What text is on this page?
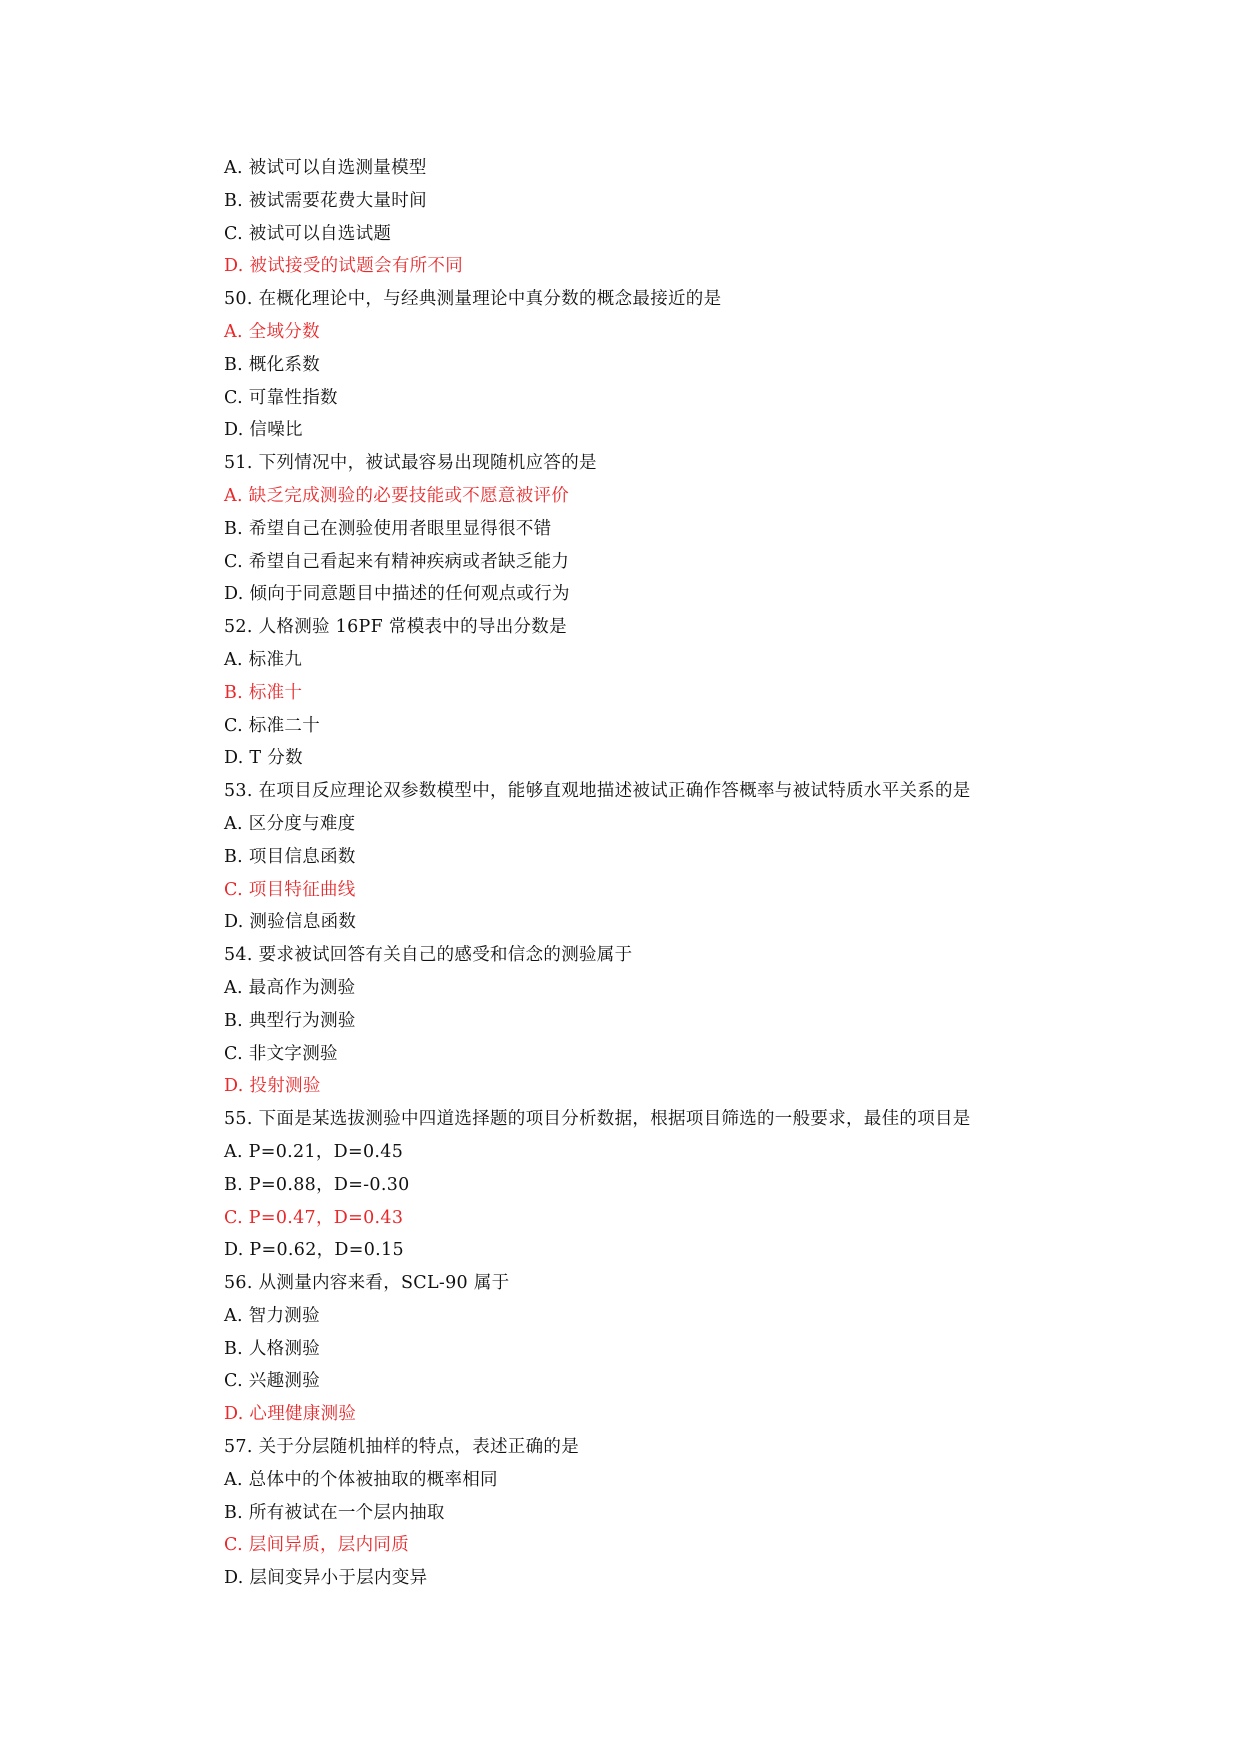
A. 被试可以自选测量模型
B. 被试需要花费大量时间
C. 被试可以自选试题
D. 被试接受的试题会有所不同
50. 在概化理论中，与经典测量理论中真分数的概念最接近的是
A. 全域分数
B. 概化系数
C. 可靠性指数
D. 信噪比
51. 下列情况中，被试最容易出现随机应答的是
A. 缺乏完成测验的必要技能或不愿意被评价
B. 希望自己在测验使用者眼里显得很不错
C. 希望自己看起来有精神疾病或者缺乏能力
D. 倾向于同意题目中描述的任何观点或行为
52. 人格测验 16PF 常模表中的导出分数是
A. 标准九
B. 标准十
C. 标准二十
D. T 分数
53. 在项目反应理论双参数模型中，能够直观地描述被试正确作答概率与被试特质水平关系的是
A. 区分度与难度
B. 项目信息函数
C. 项目特征曲线
D. 测验信息函数
54. 要求被试回答有关自己的感受和信念的测验属于
A. 最高作为测验
B. 典型行为测验
C. 非文字测验
D. 投射测验
55. 下面是某选拔测验中四道选择题的项目分析数据，根据项目筛选的一般要求，最佳的项目是
A. P=0.21，D=0.45
B. P=0.88，D=-0.30
C. P=0.47，D=0.43
D. P=0.62，D=0.15
56. 从测量内容来看，SCL-90 属于
A. 智力测验
B. 人格测验
C. 兴趣测验
D. 心理健康测验
57. 关于分层随机抽样的特点，表述正确的是
A. 总体中的个体被抽取的概率相同
B. 所有被试在一个层内抽取
C. 层间异质，层内同质
D. 层间变异小于层内变异
